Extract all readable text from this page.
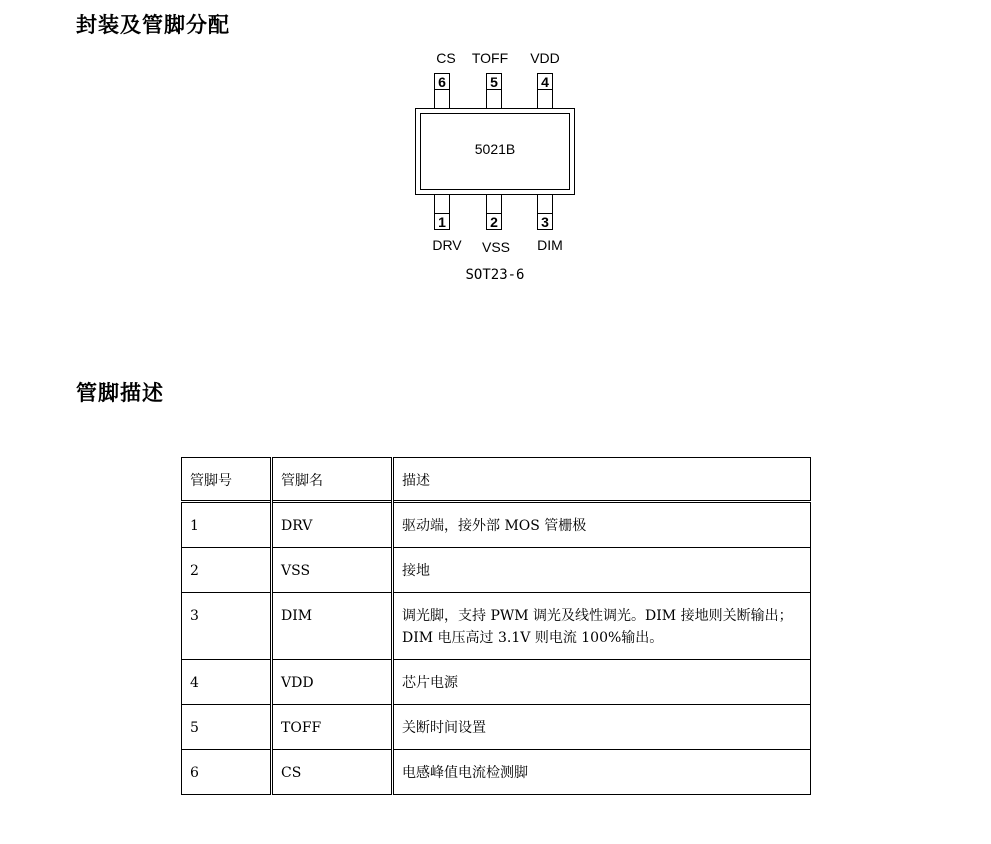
封装及管脚分配
CS TOFF VDD
6	5	4
5021B
1	2	3
DRV VSS DIM
SOT23-6
管脚描述
管脚号	管脚名	描述
1	DRV	驱动端，接外部 MOS 管栅极
2	VSS	接地
3	DIM	调光脚，支持 PWM 调光及线性调光。DIM 接地则关断输出；DIM 电压高过 3.1V 则电流 100%输出。
4	VDD	芯片电源
5	TOFF	关断时间设置
6	CS	电感峰值电流检测脚
